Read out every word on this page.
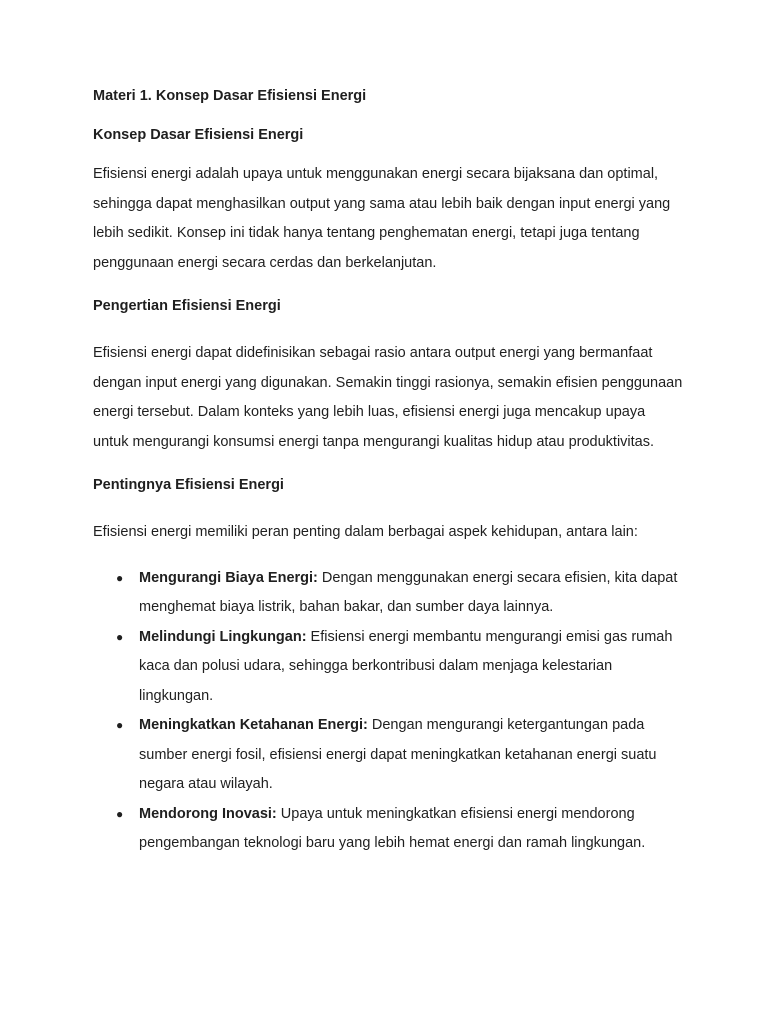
Materi 1. Konsep Dasar Efisiensi Energi
Konsep Dasar Efisiensi Energi

Efisiensi energi adalah upaya untuk menggunakan energi secara bijaksana dan optimal, sehingga dapat menghasilkan output yang sama atau lebih baik dengan input energi yang lebih sedikit. Konsep ini tidak hanya tentang penghematan energi, tetapi juga tentang penggunaan energi secara cerdas dan berkelanjutan.

Pengertian Efisiensi Energi

Efisiensi energi dapat didefinisikan sebagai rasio antara output energi yang bermanfaat dengan input energi yang digunakan. Semakin tinggi rasionya, semakin efisien penggunaan energi tersebut. Dalam konteks yang lebih luas, efisiensi energi juga mencakup upaya untuk mengurangi konsumsi energi tanpa mengurangi kualitas hidup atau produktivitas.

Pentingnya Efisiensi Energi

Efisiensi energi memiliki peran penting dalam berbagai aspek kehidupan, antara lain:

● Mengurangi Biaya Energi: Dengan menggunakan energi secara efisien, kita dapat menghemat biaya listrik, bahan bakar, dan sumber daya lainnya.
● Melindungi Lingkungan: Efisiensi energi membantu mengurangi emisi gas rumah kaca dan polusi udara, sehingga berkontribusi dalam menjaga kelestarian lingkungan.
● Meningkatkan Ketahanan Energi: Dengan mengurangi ketergantungan pada sumber energi fosil, efisiensi energi dapat meningkatkan ketahanan energi suatu negara atau wilayah.
● Mendorong Inovasi: Upaya untuk meningkatkan efisiensi energi mendorong pengembangan teknologi baru yang lebih hemat energi dan ramah lingkungan.
